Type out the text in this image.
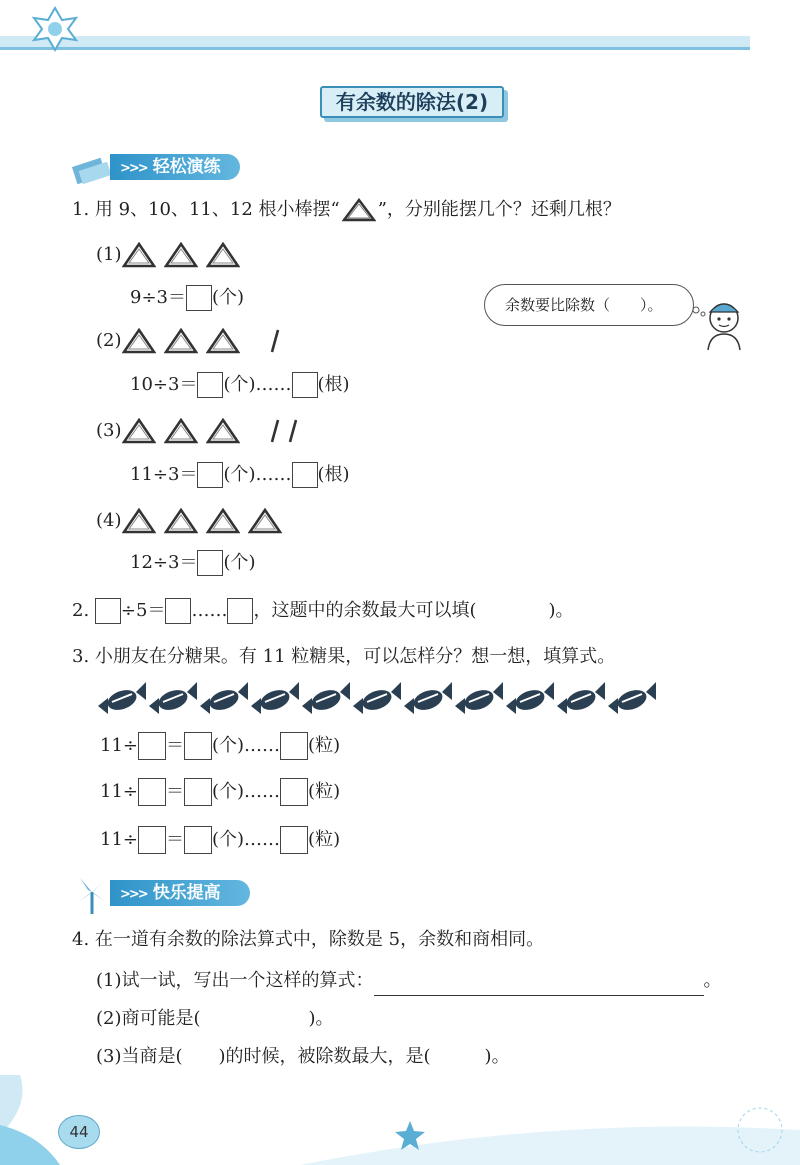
有余数的除法(2)
>>> 轻松演练
1. 用 9、10、11、12 根小棒摆“ ”，分别能摆几个？还剩几根？
(1)
9÷3＝ (个)
(2)
10÷3＝ (个)…… (根)
(3)
11÷3＝ (个)…… (根)
(4)
12÷3＝ (个)
余数要比除数（　　）。
2. ÷5＝ …… ，这题中的余数最大可以填(　　　　)。
3. 小朋友在分糖果。有 11 粒糖果，可以怎样分？想一想，填算式。
11÷ ＝ (个)…… (粒)
11÷ ＝ (个)…… (粒)
11÷ ＝ (个)…… (粒)
>>> 快乐提高
4. 在一道有余数的除法算式中，除数是 5，余数和商相同。
(1)试一试，写出一个这样的算式：	。
(2)商可能是(　　　　　　)。
(3)当商是(　　)的时候，被除数最大，是(　　　)。
44
